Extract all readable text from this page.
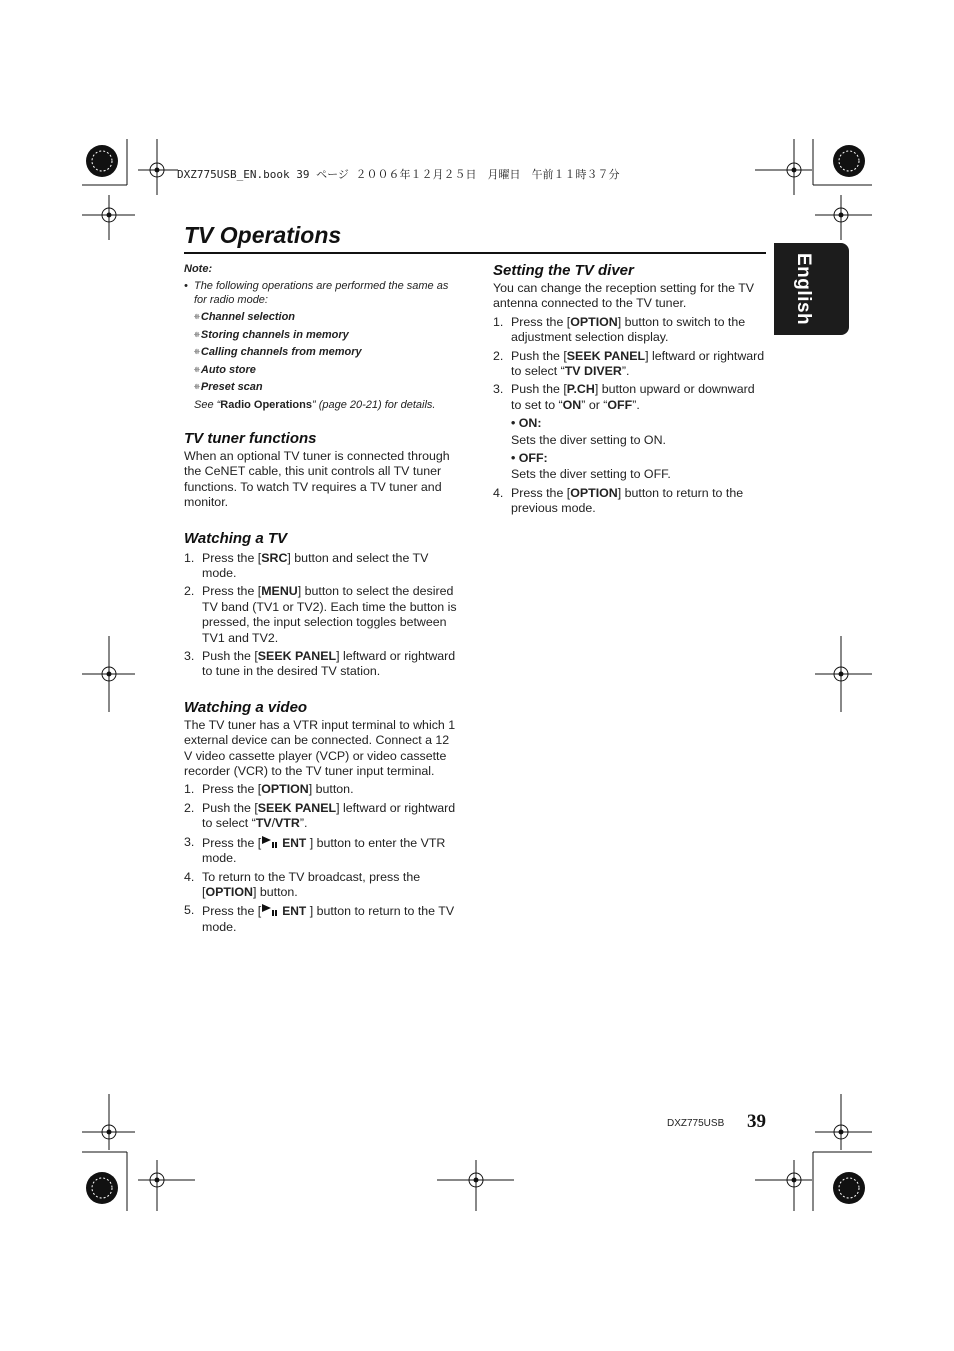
DXZ775USB_EN.book 39 ページ ２００６年１２月２５日　月曜日　午前１１時３７分
TV Operations
English
Note:
•  The following operations are performed the same as for radio mode:
❊Channel selection
❊Storing channels in memory
❊Calling channels from memory
❊Auto store
❊Preset scan
See “Radio Operations” (page 20-21) for details.
TV tuner functions
When an optional TV tuner is connected through the CeNET cable, this unit controls all TV tuner functions. To watch TV requires a TV tuner and monitor.
Watching a TV
1. Press the [SRC] button and select the TV mode.
2. Press the [MENU] button to select the desired TV band (TV1 or TV2). Each time the button is pressed, the input selection toggles between TV1 and TV2.
3. Push the [SEEK PANEL] leftward or rightward to tune in the desired TV station.
Watching a video
The TV tuner has a VTR input terminal to which 1 external device can be connected. Connect a 12 V video cassette player (VCP) or video cassette recorder (VCR) to the TV tuner input terminal.
1. Press the [OPTION] button.
2. Push the [SEEK PANEL] leftward or rightward to select “TV/VTR”.
3. Press the [ ENT ] button to enter the VTR mode.
4. To return to the TV broadcast, press the [OPTION] button.
5. Press the [ ENT ] button to return to the TV mode.
Setting the TV diver
You can change the reception setting for the TV antenna connected to the TV tuner.
1. Press the [OPTION] button to switch to the adjustment selection display.
2. Push the [SEEK PANEL] leftward or rightward to select “TV DIVER”.
3. Push the [P.CH] button upward or downward to set to “ON” or “OFF”.
• ON:
Sets the diver setting to ON.
• OFF:
Sets the diver setting to OFF.
4. Press the [OPTION] button to return to the previous mode.
DXZ775USB 39
